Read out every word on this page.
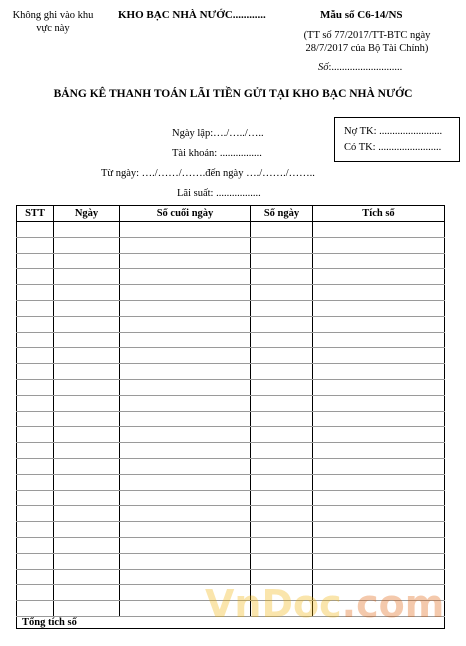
Không ghi vào khu vực này
KHO BẠC NHÀ NƯỚC............	Mẫu số C6-14/NS
(TT số 77/2017/TT-BTC ngày 28/7/2017 của Bộ Tài Chính)
Số:...........................
BẢNG KÊ THANH TOÁN LÃI TIỀN GỬI TẠI KHO BẠC NHÀ NƯỚC
Nợ TK: ........................
Có TK: ........................
Ngày lập:…./…../…..
Tài khoản: ................
Từ ngày: …./……/…….đến ngày …./……./……..
Lãi suất: .................
STT	Ngày	Số cuối ngày	Số ngày	Tích số

Tổng tích số					VnDoc.com
